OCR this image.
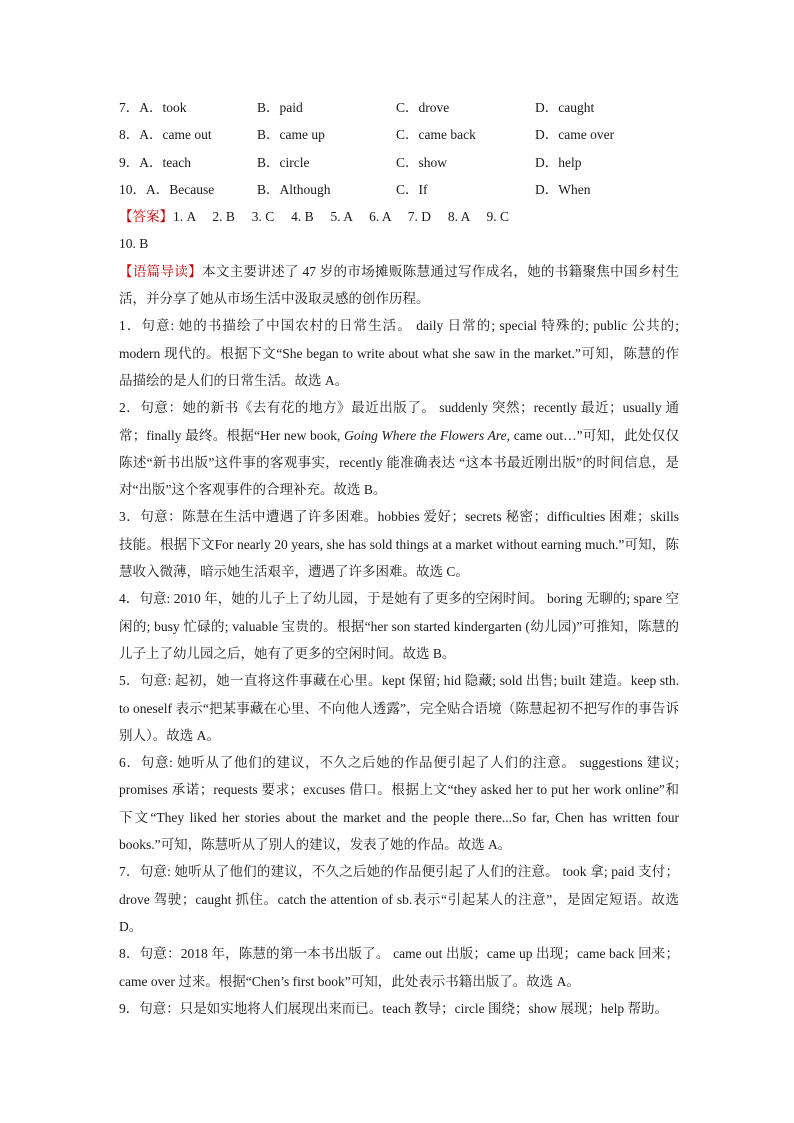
7．A．took	B．paid	C．drove	D．caught
8．A．came out	B．came up	C．came back	D．came over
9．A．teach	B．circle	C．show	D．help
10．A．Because	B．Although	C．If	D．When
【答案】1. A     2. B     3. C     4. B     5. A     6. A     7. D     8. A     9. C
10. B

【语篇导读】本文主要讲述了 47 岁的市场摊贩陈慧通过写作成名，她的书籍聚焦中国乡村生活，并分享了她从市场生活中汲取灵感的创作历程。

1．句意: 她的书描绘了中国农村的日常生活。 daily 日常的; special 特殊的; public 公共的; modern 现代的。根据下文“She began to write about what she saw in the market.”可知，陈慧的作品描绘的是人们的日常生活。故选 A。

2．句意：她的新书《去有花的地方》最近出版了。 suddenly 突然；recently 最近；usually 通常；finally 最终。根据“Her new book, Going Where the Flowers Are, came out…”可知，此处仅仅陈述“新书出版”这件事的客观事实，recently 能准确表达 “这本书最近刚出版”的时间信息，是对“出版”这个客观事件的合理补充。故选 B。

3．句意：陈慧在生活中遭遇了许多困难。hobbies 爱好；secrets 秘密；difficulties 困难；skills 技能。根据下文For nearly 20 years, she has sold things at a market without earning much.”可知，陈慧收入微薄，暗示她生活艰辛，遭遇了许多困难。故选 C。

4．句意: 2010 年，她的儿子上了幼儿园，于是她有了更多的空闲时间。 boring 无聊的; spare 空闲的; busy 忙碌的; valuable 宝贵的。根据“her son started kindergarten (幼儿园)”可推知，陈慧的儿子上了幼儿园之后，她有了更多的空闲时间。故选 B。

5．句意: 起初，她一直将这件事藏在心里。kept 保留; hid 隐藏; sold 出售; built 建造。keep sth. to oneself 表示“把某事藏在心里、不向他人透露”，完全贴合语境（陈慧起初不把写作的事告诉别人）。故选 A。

6．句意: 她听从了他们的建议，不久之后她的作品便引起了人们的注意。 suggestions 建议; promises 承诺；requests 要求；excuses 借口。根据上文“they asked her to put her work online”和下文“They liked her stories about the market and the people there...So far, Chen has written four books.”可知，陈慧听从了别人的建议，发表了她的作品。故选 A。

7．句意: 她听从了他们的建议，不久之后她的作品便引起了人们的注意。 took 拿; paid 支付；drove 驾驶；caught 抓住。catch the attention of sb.表示“引起某人的注意”，是固定短语。故选 D。

8．句意：2018 年，陈慧的第一本书出版了。 came out 出版；came up 出现；came back 回来；came over 过来。根据“Chen’s first book”可知，此处表示书籍出版了。故选 A。

9．句意：只是如实地将人们展现出来而已。teach 教导；circle 围绕；show 展现；help 帮助。
